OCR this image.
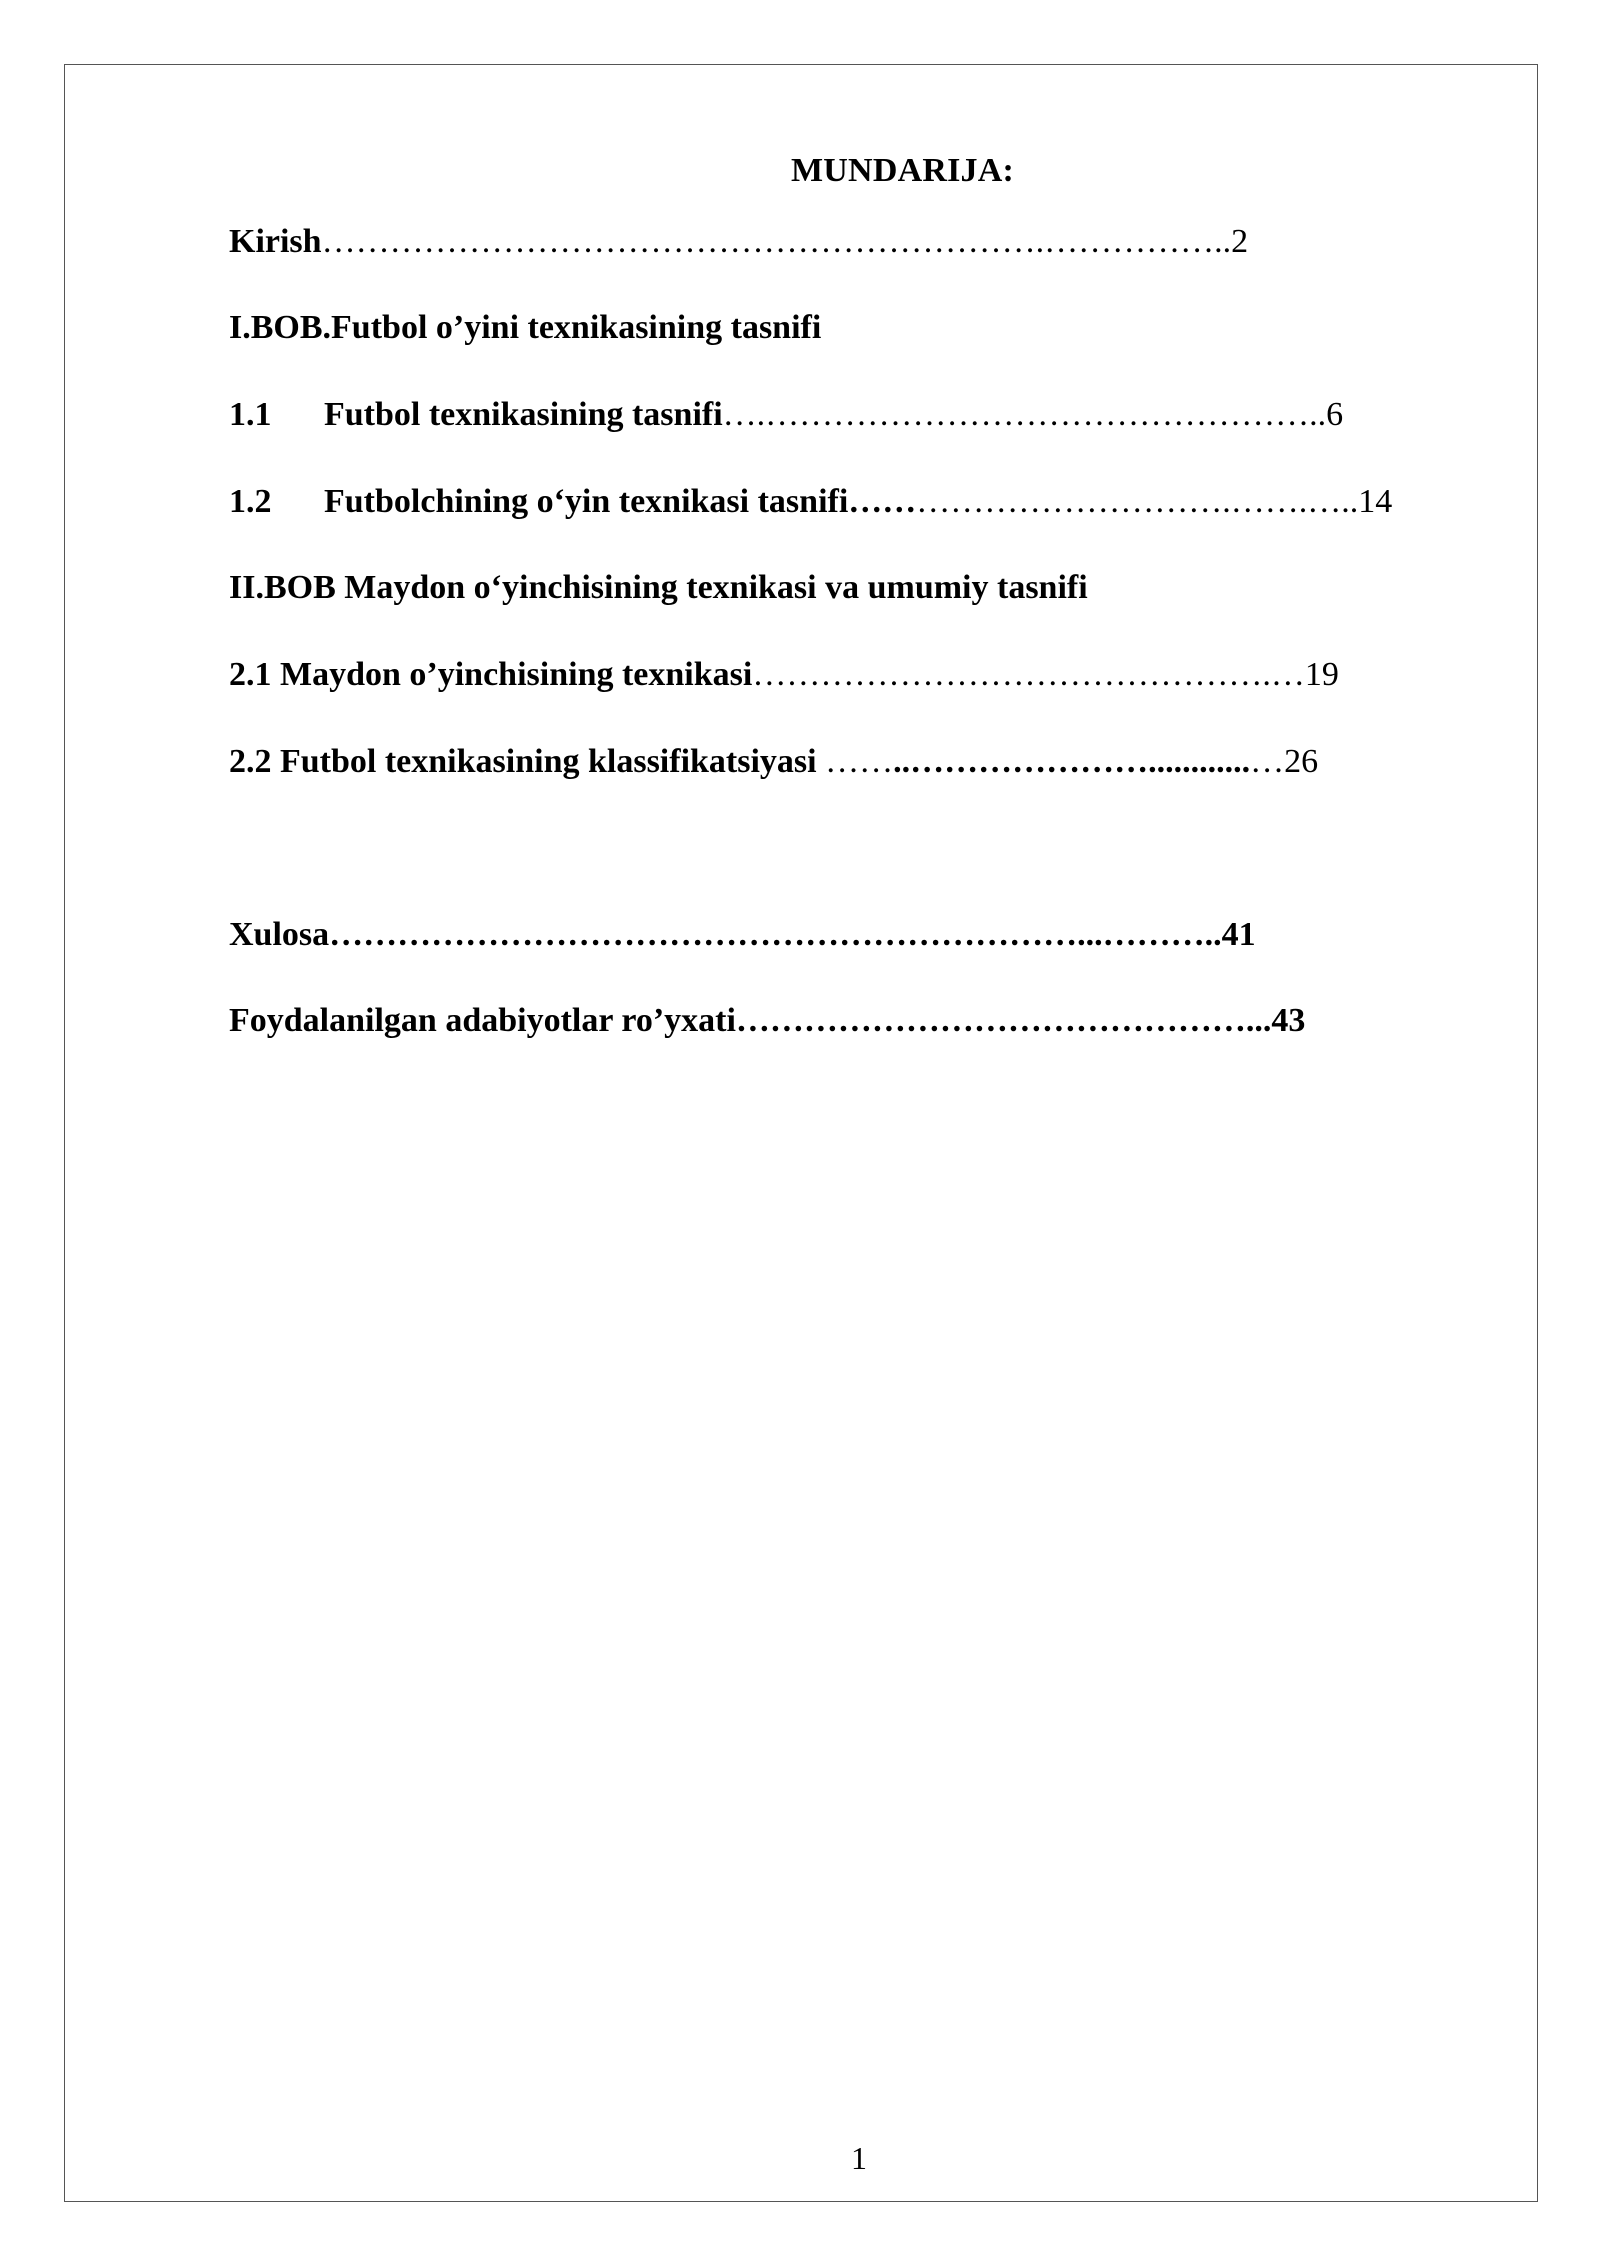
MUNDARIJA:
Kirish……………………………………………………….……………..2
I.BOB.Futbol o’yini texnikasining tasnifi
1.1 Futbol texnikasining tasnifi….…………………………………………..6
1.2 Futbolchining o‘yin texnikasi tasnifi…………………………….…….…..14
II.BOB Maydon o‘yinchisining texnikasi va umumiy tasnifi
2.1 Maydon o’yinchisining texnikasi……………………………………….…19
2.2 Futbol texnikasining klassifikatsiyasi ……..…………………............…26
Xulosa…………………………………………………………...………..41
Foydalanilgan adabiyotlar ro’yxati………………………………………...43
1
